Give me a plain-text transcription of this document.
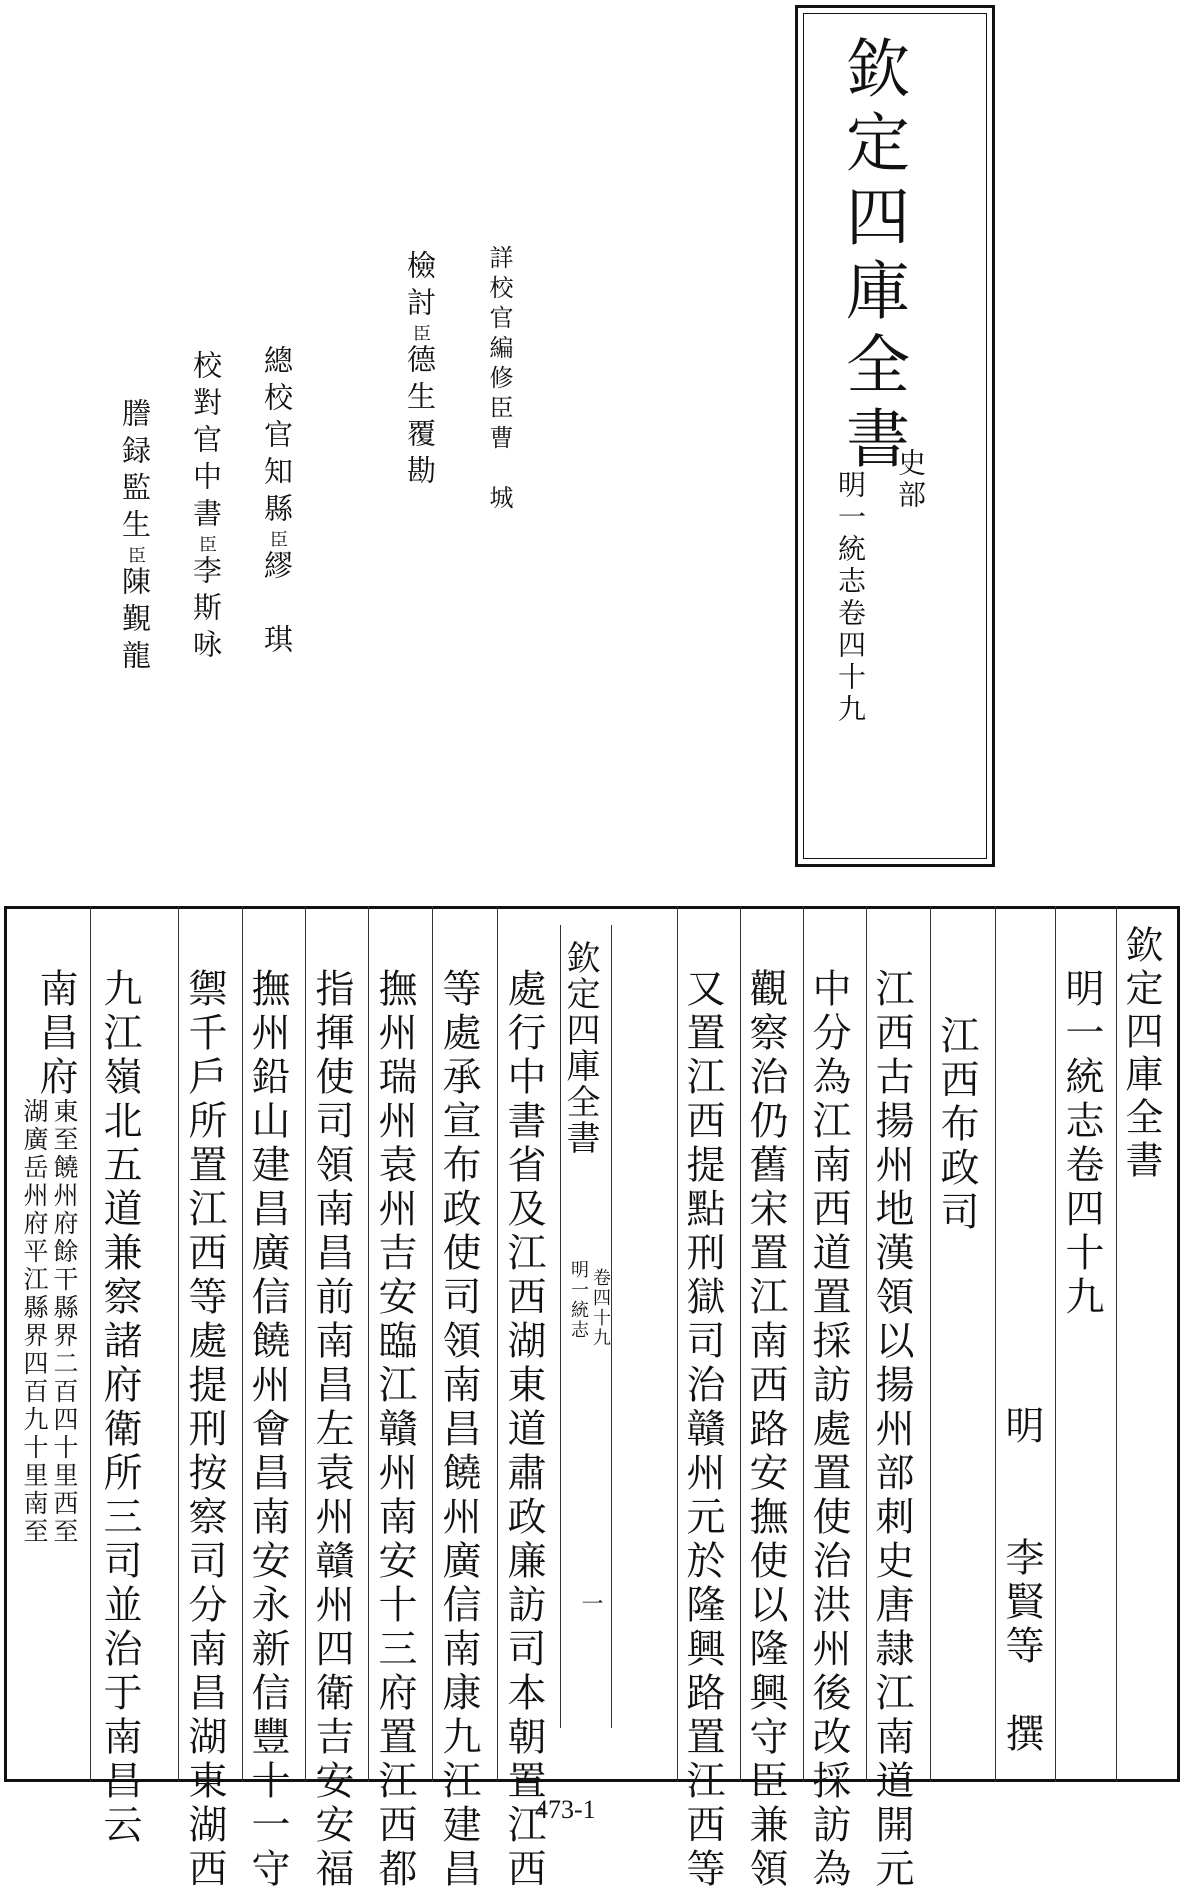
欽定四庫全書
史部
明一統志卷四十九
詳校官編修臣曹　城
檢討臣德生覆勘
總校官知縣臣繆　琪
校對官中書臣李斯咏
謄録監生臣陳覲龍
欽定四庫全書
明一統志卷四十九
明　　李賢等　撰
江西布政司
江西古揚州地漢領以揚州部刺史唐隷江南道開元
中分為江南西道置採訪處置使治洪州後改採訪為
觀察治仍舊宋置江南西路安撫使以隆興守臣兼領
又置江西提點刑獄司治贛州元於隆興路置江西等
欽定四庫全書
明一統志 卷四十九
一
處行中書省及江西湖東道肅政廉訪司本朝置江西
等處承宣布政使司領南昌饒州廣信南康九江建昌
撫州瑞州袁州吉安臨江贛州南安十三府置江西都
指揮使司領南昌前南昌左袁州贛州四衛吉安安福
撫州鉛山建昌廣信饒州會昌南安永新信豐十一守
禦千戶所置江西等處提刑按察司分南昌湖東湖西
九江嶺北五道兼察諸府衛所三司並治于南昌云
南昌府
東至饒州府餘干縣界二百四十里西至
湖廣岳州府平江縣界四百九十里南至
473-1
